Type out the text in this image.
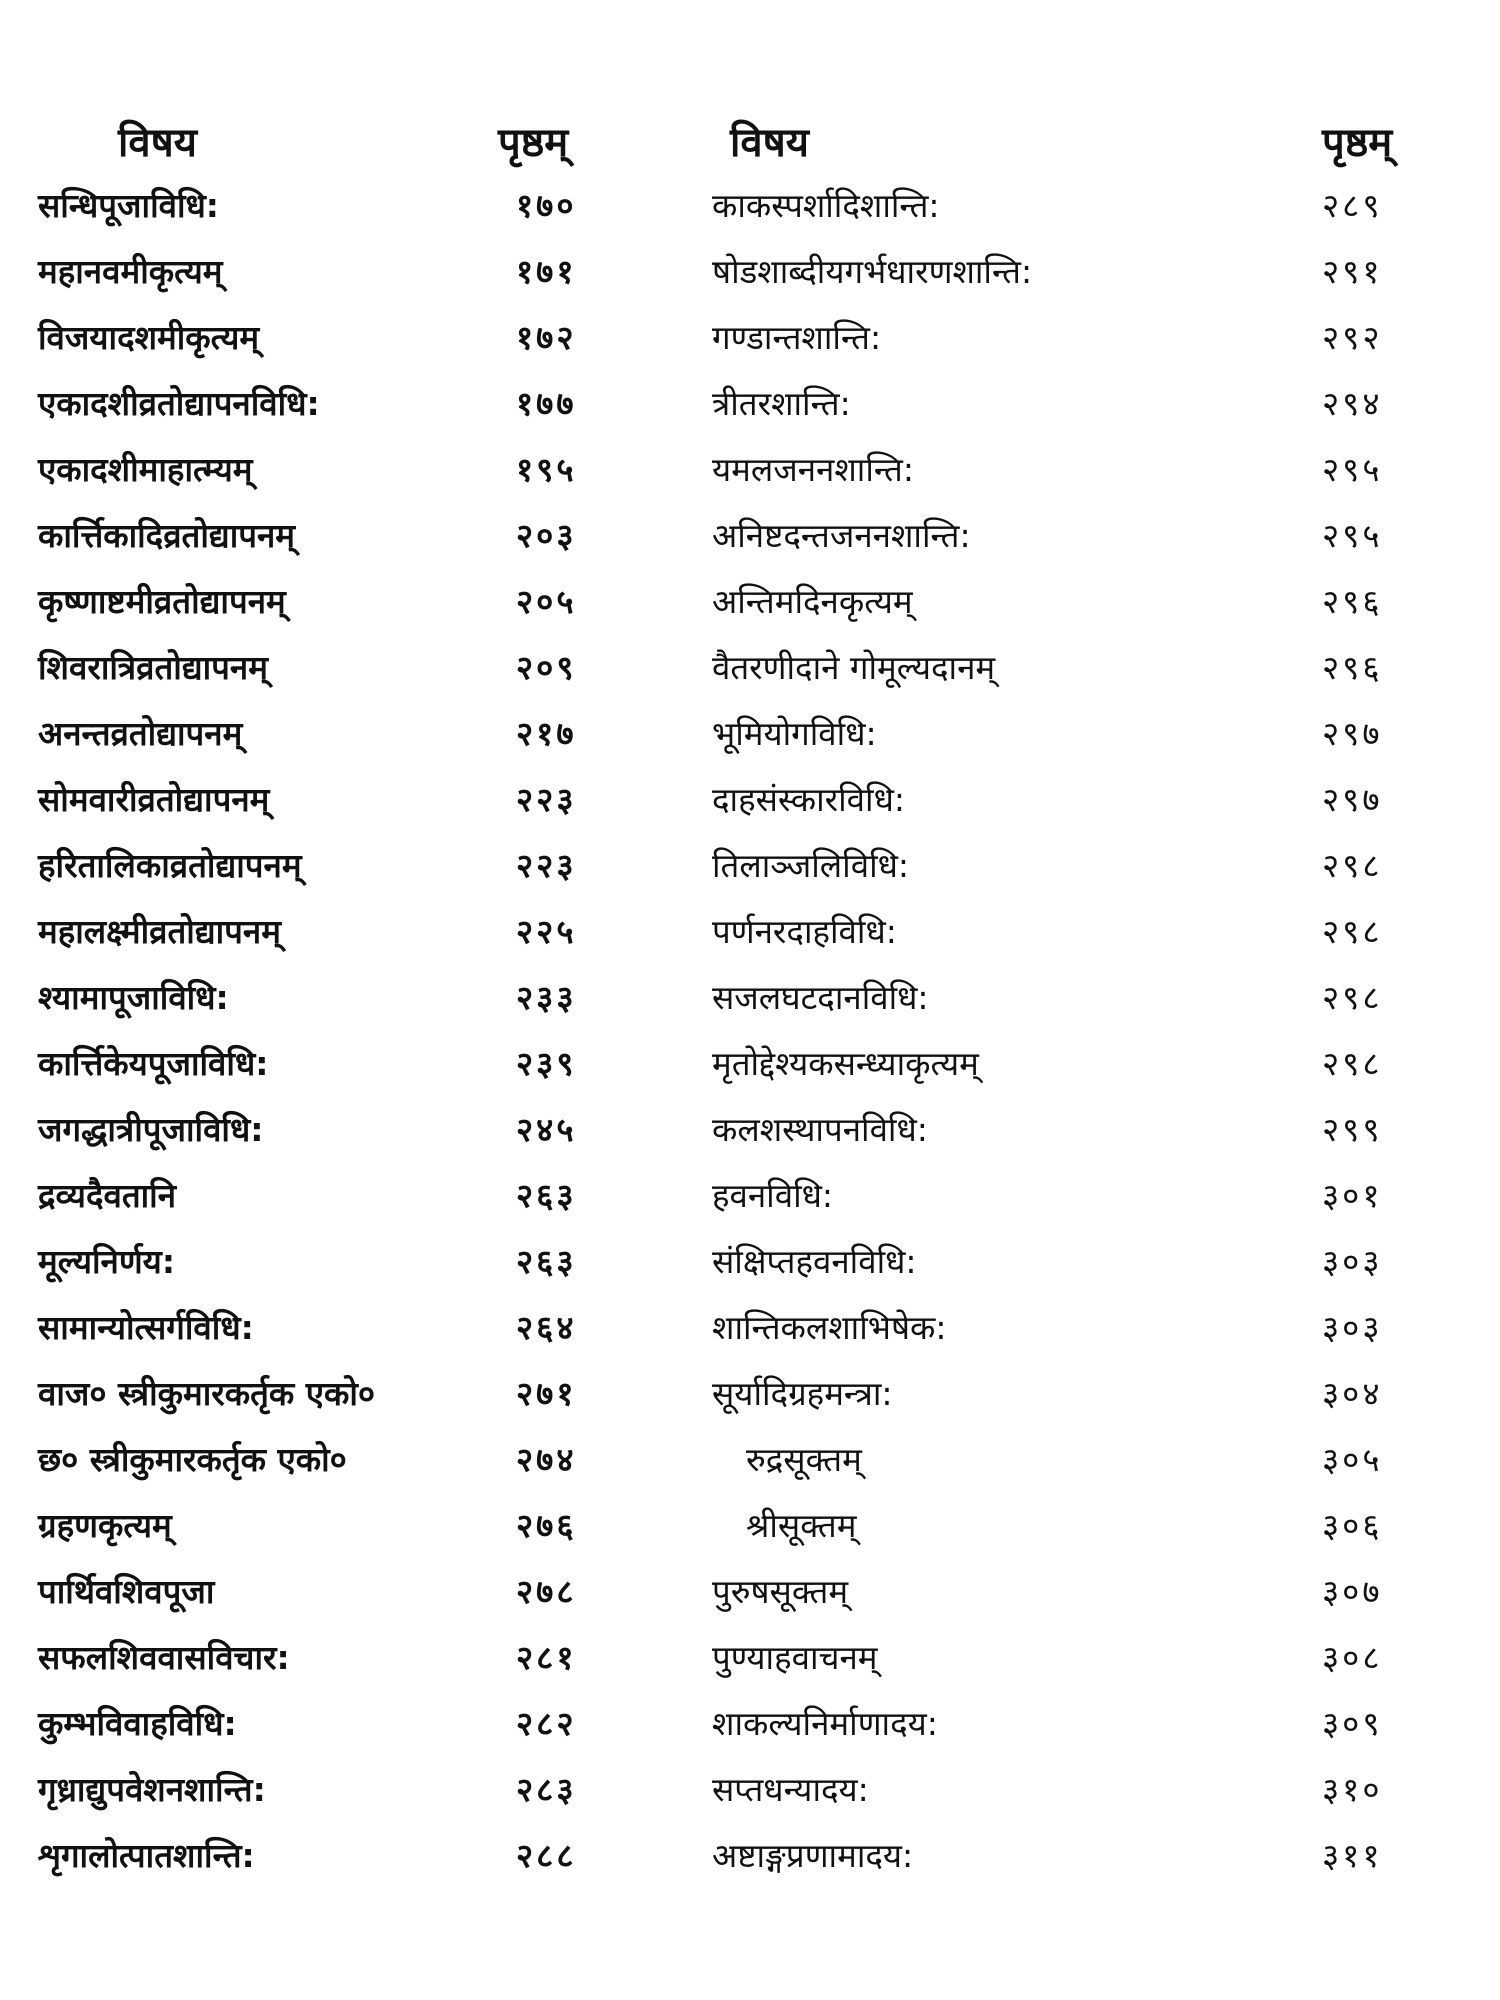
विषय	पृष्ठम्
सन्धिपूजाविधि:	१७०
महानवमीकृत्यम्	१७१
विजयादशमीकृत्यम्	१७२
एकादशीव्रतोद्यापनविधि:	१७७
एकादशीमाहात्म्यम्	१९५
कार्त्तिकादिव्रतोद्यापनम्	२०३
कृष्णाष्टमीव्रतोद्यापनम्	२०५
शिवरात्रिव्रतोद्यापनम्	२०९
अनन्तव्रतोद्यापनम्	२१७
सोमवारीव्रतोद्यापनम्	२२३
हरितालिकाव्रतोद्यापनम्	२२३
महालक्ष्मीव्रतोद्यापनम्	२२५
श्यामापूजाविधि:	२३३
कार्त्तिकेयपूजाविधि:	२३९
जगद्धात्रीपूजाविधि:	२४५
द्रव्यदैवतानि	२६३
मूल्यनिर्णय:	२६३
सामान्योत्सर्गविधि:	२६४
वाज० स्त्रीकुमारकर्तृक एको०	२७१
छ० स्त्रीकुमारकर्तृक एको०	२७४
ग्रहणकृत्यम्	२७६
पार्थिवशिवपूजा	२७८
सफलशिववासविचार:	२८१
कुम्भविवाहविधि:	२८२
गृध्राद्युपवेशनशान्ति:	२८३
शृगालोत्पातशान्ति:	२८८
विषय	पृष्ठम्
काकस्पर्शादिशान्ति:	२८९
षोडशाब्दीयगर्भधारणशान्ति:	२९१
गण्डान्तशान्ति:	२९२
त्रीतरशान्ति:	२९४
यमलजननशान्ति:	२९५
अनिष्टदन्तजननशान्ति:	२९५
अन्तिमदिनकृत्यम्	२९६
वैतरणीदाने गोमूल्यदानम्	२९६
भूमियोगविधि:	२९७
दाहसंस्कारविधि:	२९७
तिलाञ्जलिविधि:	२९८
पर्णनरदाहविधि:	२९८
सजलघटदानविधि:	२९८
मृतोद्देश्यकसन्ध्याकृत्यम्	२९८
कलशस्थापनविधि:	२९९
हवनविधि:	३०१
संक्षिप्तहवनविधि:	३०३
शान्तिकलशाभिषेक:	३०३
सूर्यादिग्रहमन्त्रा:	३०४
रुद्रसूक्तम्	३०५
श्रीसूक्तम्	३०६
पुरुषसूक्तम्	३०७
पुण्याहवाचनम्	३०८
शाकल्यनिर्माणादय:	३०९
सप्तधन्यादय:	३१०
अष्टाङ्गप्रणामादय:	३११
